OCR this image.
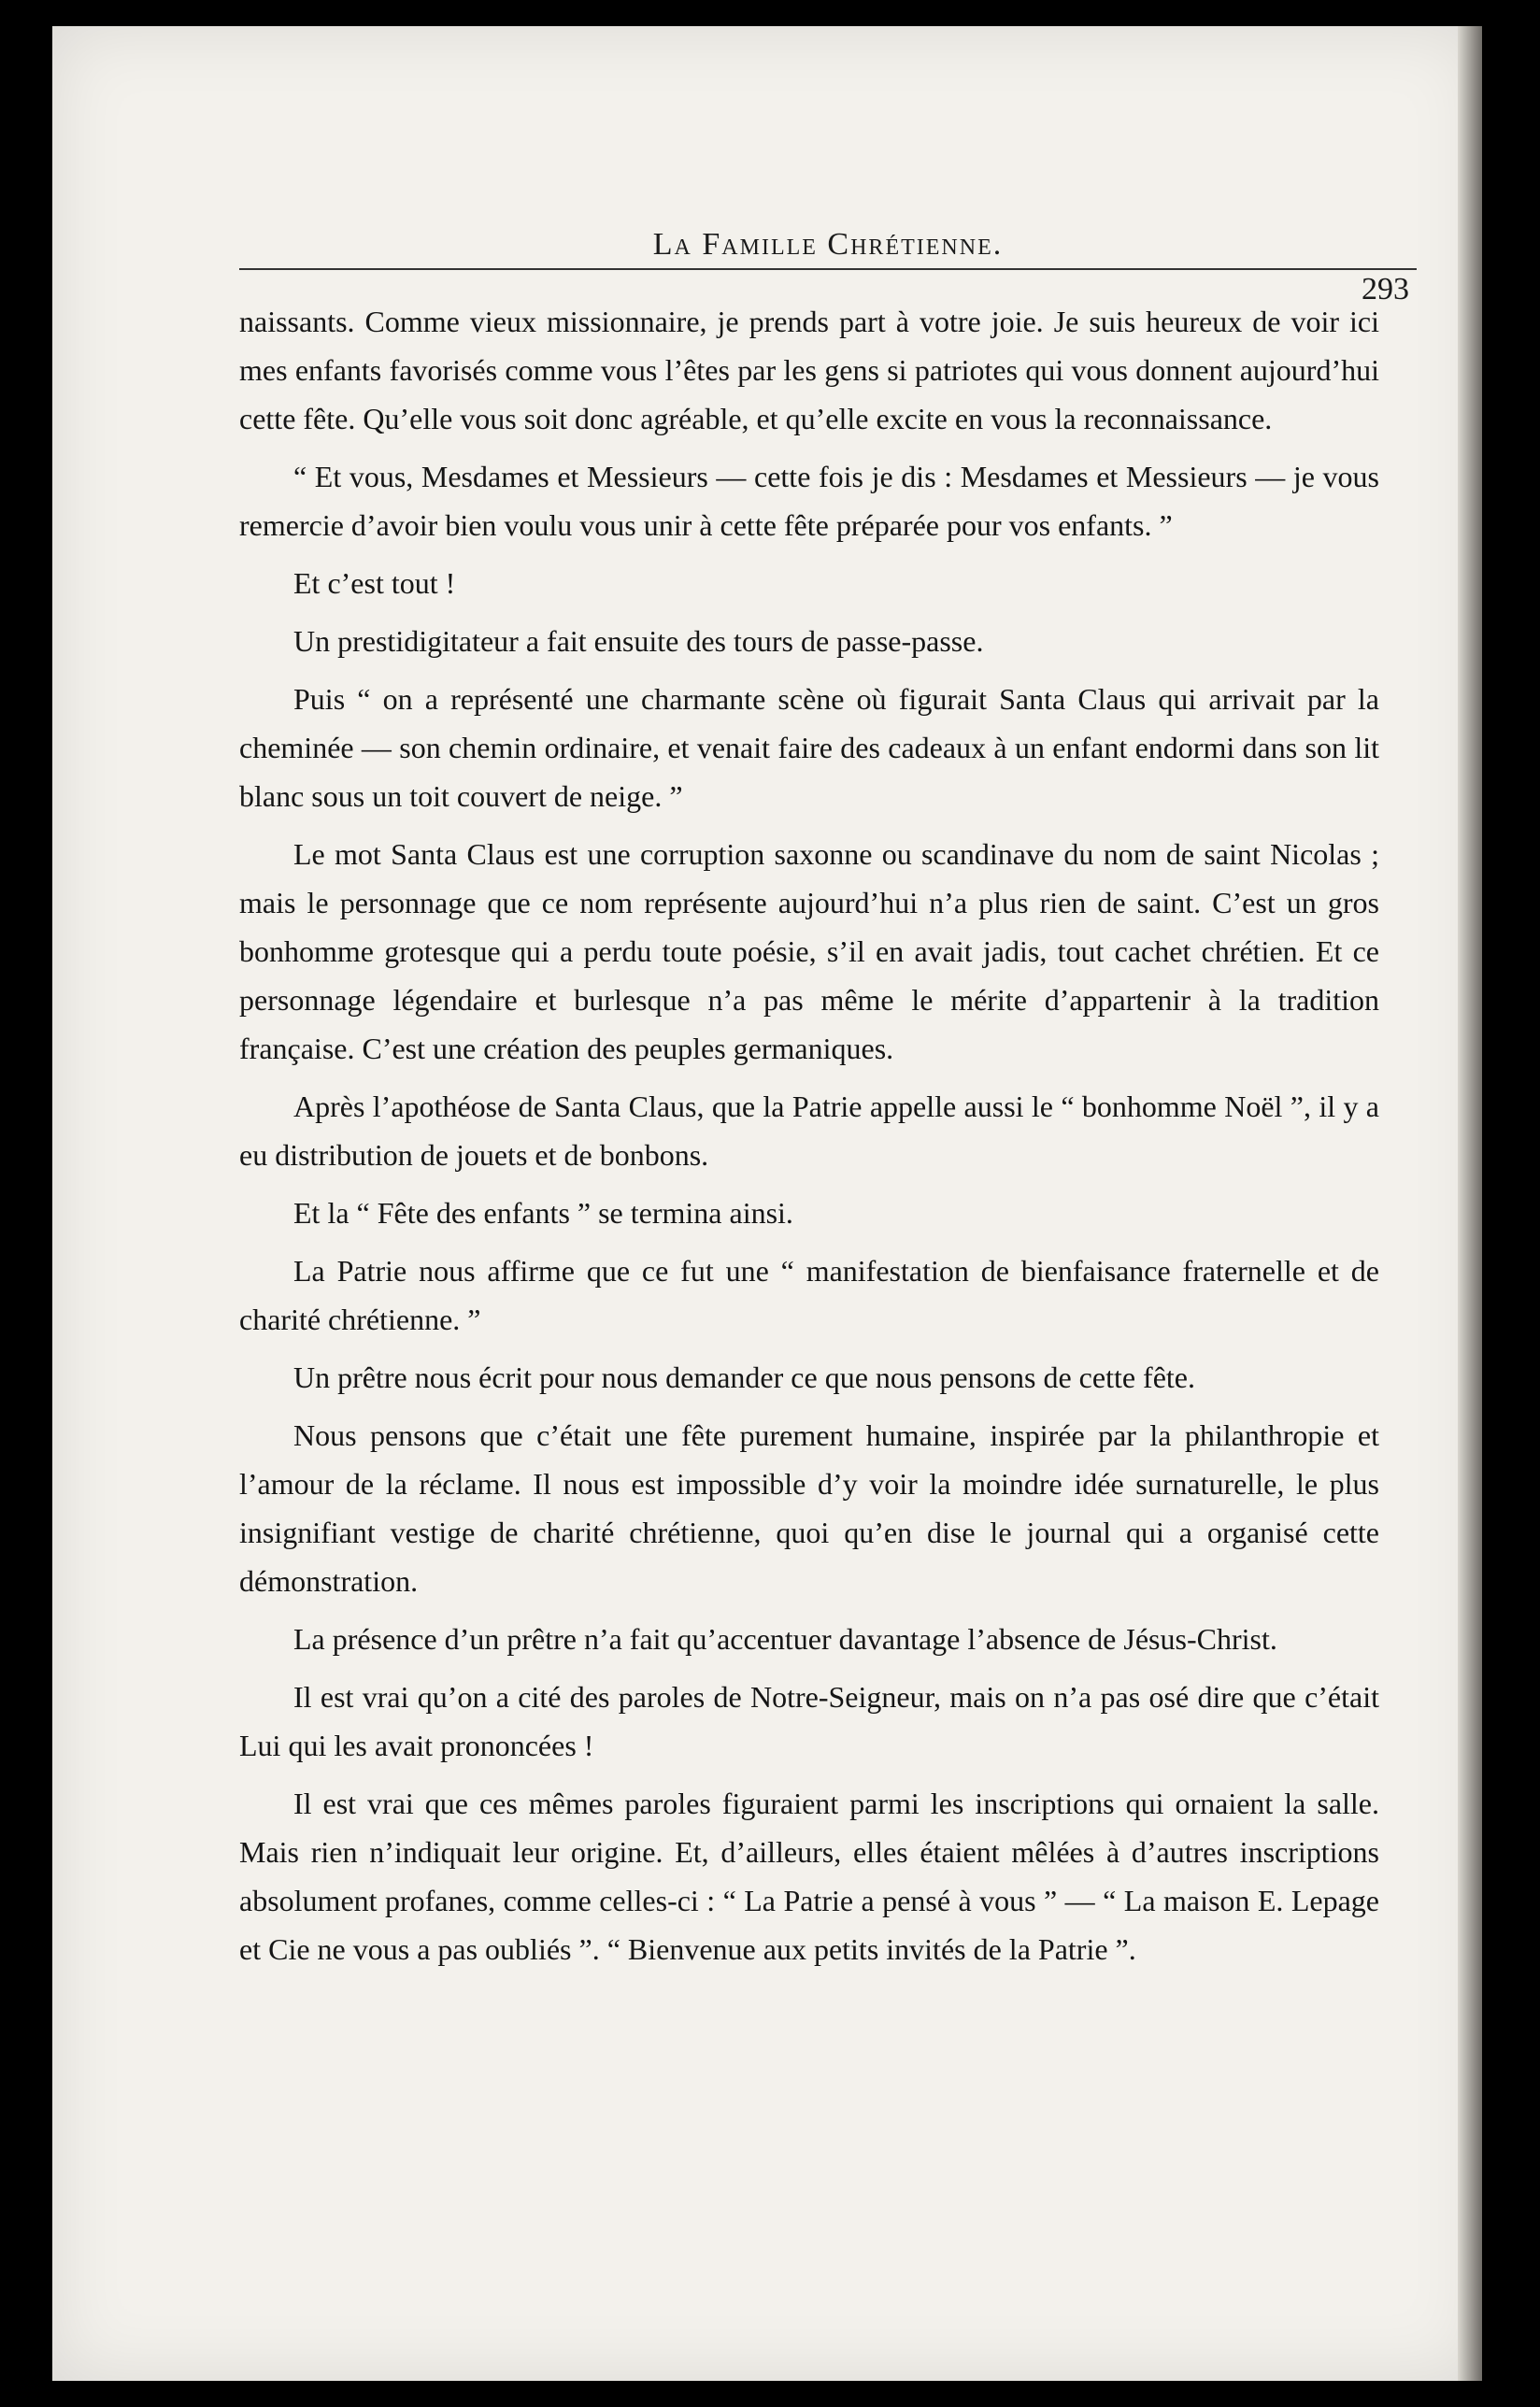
La Famille Chrétienne.
293

naissants. Comme vieux missionnaire, je prends part à votre joie. Je suis heureux de voir ici mes enfants favorisés comme vous l’êtes par les gens si patriotes qui vous donnent aujourd’hui cette fête. Qu’elle vous soit donc agréable, et qu’elle excite en vous la reconnaissance.

“ Et vous, Mesdames et Messieurs — cette fois je dis : Mesdames et Messieurs — je vous remercie d’avoir bien voulu vous unir à cette fête préparée pour vos enfants. ”

Et c’est tout !

Un prestidigitateur a fait ensuite des tours de passe-passe.

Puis “ on a représenté une charmante scène où figurait Santa Claus qui arrivait par la cheminée — son chemin ordinaire, et venait faire des cadeaux à un enfant endormi dans son lit blanc sous un toit couvert de neige. ”

Le mot Santa Claus est une corruption saxonne ou scandinave du nom de saint Nicolas ; mais le personnage que ce nom représente aujourd’hui n’a plus rien de saint. C’est un gros bonhomme grotesque qui a perdu toute poésie, s’il en avait jadis, tout cachet chrétien. Et ce personnage légendaire et burlesque n’a pas même le mérite d’appartenir à la tradition française. C’est une création des peuples germaniques.

Après l’apothéose de Santa Claus, que la Patrie appelle aussi le “ bonhomme Noël ”, il y a eu distribution de jouets et de bonbons.

Et la “ Fête des enfants ” se termina ainsi.

La Patrie nous affirme que ce fut une “ manifestation de bienfaisance fraternelle et de charité chrétienne. ”

Un prêtre nous écrit pour nous demander ce que nous pensons de cette fête.

Nous pensons que c’était une fête purement humaine, inspirée par la philanthropie et l’amour de la réclame. Il nous est impossible d’y voir la moindre idée surnaturelle, le plus insignifiant vestige de charité chrétienne, quoi qu’en dise le journal qui a organisé cette démonstration.

La présence d’un prêtre n’a fait qu’accentuer davantage l’absence de Jésus-Christ.

Il est vrai qu’on a cité des paroles de Notre-Seigneur, mais on n’a pas osé dire que c’était Lui qui les avait prononcées !

Il est vrai que ces mêmes paroles figuraient parmi les inscriptions qui ornaient la salle. Mais rien n’indiquait leur origine. Et, d’ailleurs, elles étaient mêlées à d’autres inscriptions absolument profanes, comme celles-ci : “ La Patrie a pensé à vous ” — “ La maison E. Lepage et Cie ne vous a pas oubliés ”. “ Bienvenue aux petits invités de la Patrie ”.
